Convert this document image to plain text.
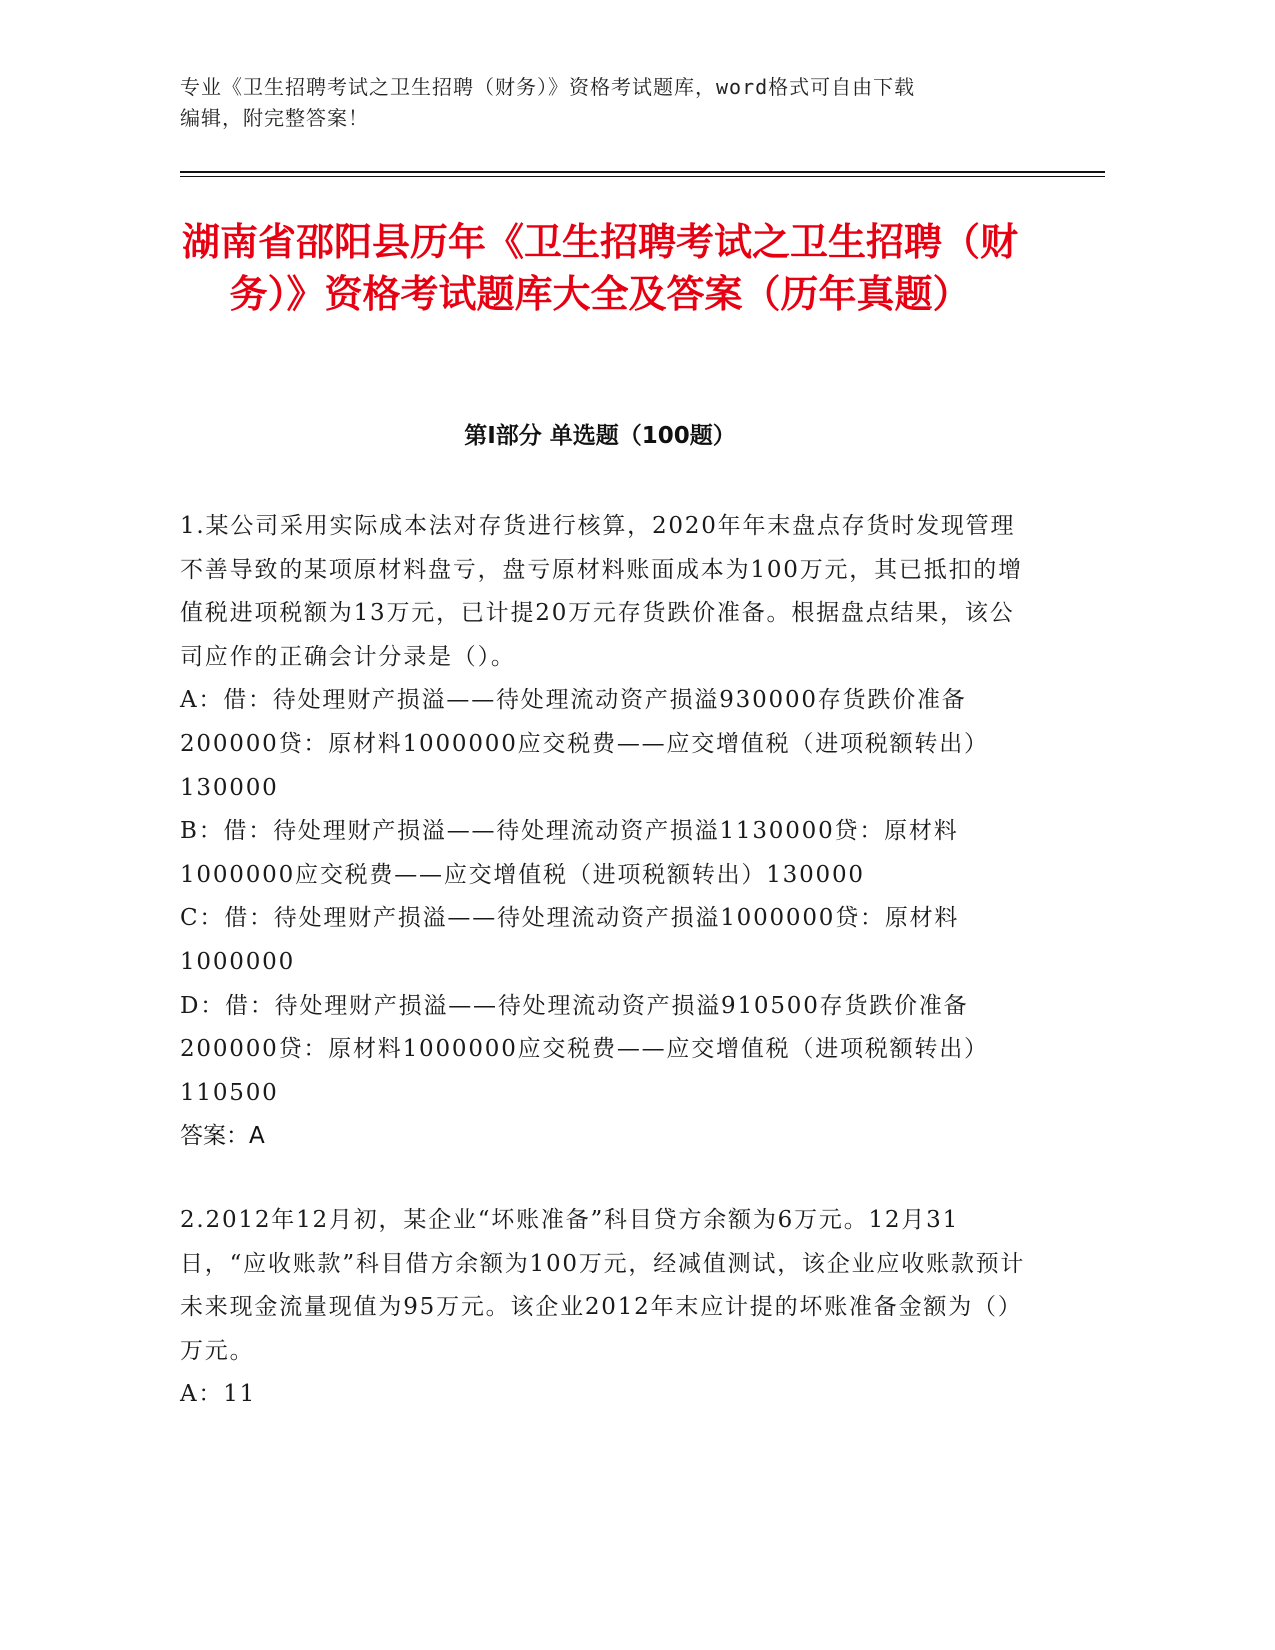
专业《卫生招聘考试之卫生招聘（财务）》资格考试题库，word格式可自由下载
编辑，附完整答案！
湖南省邵阳县历年《卫生招聘考试之卫生招聘（财务）》资格考试题库大全及答案（历年真题）
第Ⅰ部分 单选题（100题）

1.某公司采用实际成本法对存货进行核算，2020年年末盘点存货时发现管理不善导致的某项原材料盘亏，盘亏原材料账面成本为100万元，其已抵扣的增值税进项税额为13万元，已计提20万元存货跌价准备。根据盘点结果，该公司应作的正确会计分录是（）。

A：借：待处理财产损溢——待处理流动资产损溢930000存货跌价准备200000贷：原材料1000000应交税费——应交增值税（进项税额转出）130000

B：借：待处理财产损溢——待处理流动资产损溢1130000贷：原材料1000000应交税费——应交增值税（进项税额转出）130000

C：借：待处理财产损溢——待处理流动资产损溢1000000贷：原材料1000000

D：借：待处理财产损溢——待处理流动资产损溢910500存货跌价准备200000贷：原材料1000000应交税费——应交增值税（进项税额转出）110500

答案：A

2.2012年12月初，某企业“坏账准备”科目贷方余额为6万元。12月31日，“应收账款”科目借方余额为100万元，经减值测试，该企业应收账款预计未来现金流量现值为95万元。该企业2012年末应计提的坏账准备金额为（）万元。

A：11
